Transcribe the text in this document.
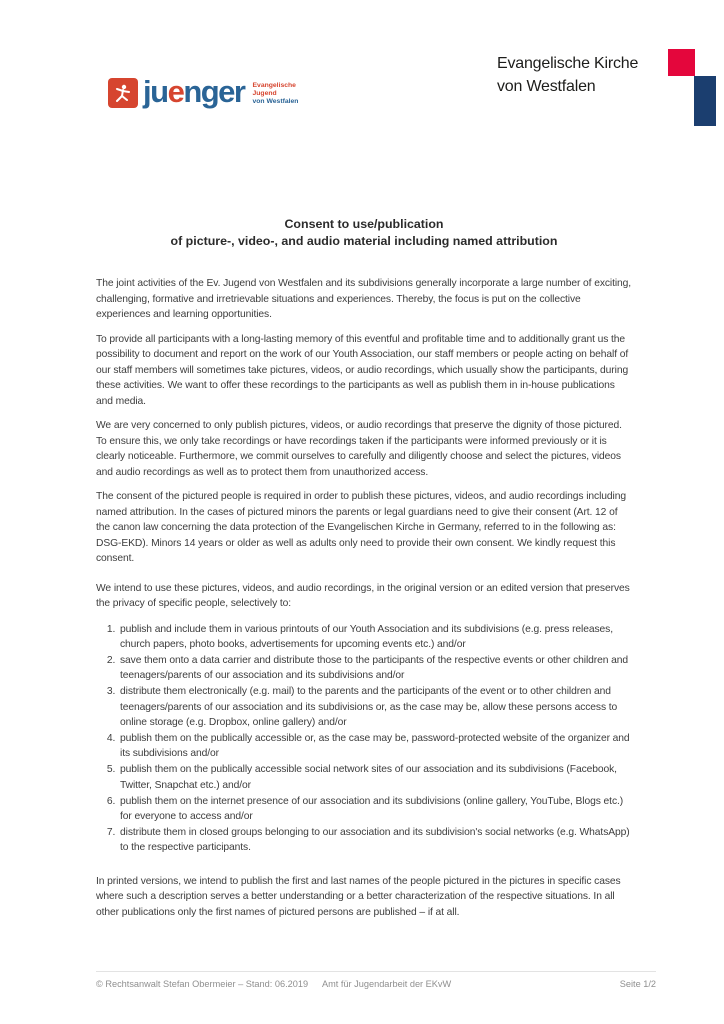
juenger Evangelische
Jugend
von Westfalen
Evangelische Kirche
von Westfalen
Consent to use/publication
of picture-, video-, and audio material including named attribution

The joint activities of the Ev. Jugend von Westfalen and its subdivisions generally incorporate a large number of exciting, challenging, formative and irretrievable situations and experiences. Thereby, the focus is put on the collective experiences and learning opportunities.

To provide all participants with a long-lasting memory of this eventful and profitable time and to additionally grant us the possibility to document and report on the work of our Youth Association, our staff members or people acting on behalf of our staff members will sometimes take pictures, videos, or audio recordings, which usually show the participants, during these activities. We want to offer these recordings to the participants as well as publish them in in-house publications and media.

We are very concerned to only publish pictures, videos, or audio recordings that preserve the dignity of those pictured. To ensure this, we only take recordings or have recordings taken if the participants were informed previously or it is clearly noticeable. Furthermore, we commit ourselves to carefully and diligently choose and select the pictures, videos and audio recordings as well as to protect them from unauthorized access.

The consent of the pictured people is required in order to publish these pictures, videos, and audio recordings including named attribution. In the cases of pictured minors the parents or legal guardians need to give their consent (Art. 12 of the canon law concerning the data protection of the Evangelischen Kirche in Germany, referred to in the following as: DSG-EKD). Minors 14 years or older as well as adults only need to provide their own consent. We kindly request this consent.

We intend to use these pictures, videos, and audio recordings, in the original version or an edited version that preserves the privacy of specific people, selectively to:

1. publish and include them in various printouts of our Youth Association and its subdivisions (e.g. press releases, church papers, photo books, advertisements for upcoming events etc.) and/or
2. save them onto a data carrier and distribute those to the participants of the respective events or other children and teenagers/parents of our association and its subdivisions and/or
3. distribute them electronically (e.g. mail) to the parents and the participants of the event or to other children and teenagers/parents of our association and its subdivisions or, as the case may be, allow these persons access to online storage (e.g. Dropbox, online gallery) and/or
4. publish them on the publically accessible or, as the case may be, password-protected website of the organizer and its subdivisions and/or
5. publish them on the publically accessible social network sites of our association and its subdivisions (Facebook, Twitter, Snapchat etc.) and/or
6. publish them on the internet presence of our association and its subdivisions (online gallery, YouTube, Blogs etc.) for everyone to access and/or
7. distribute them in closed groups belonging to our association and its subdivision's social networks (e.g. WhatsApp) to the respective participants.

In printed versions, we intend to publish the first and last names of the people pictured in the pictures in specific cases where such a description serves a better understanding or a better characterization of the respective situations. In all other publications only the first names of pictured persons are published – if at all.

© Rechtsanwalt Stefan Obermeier – Stand: 06.2019 Amt für Jugendarbeit der EKvW	Seite 1/2
